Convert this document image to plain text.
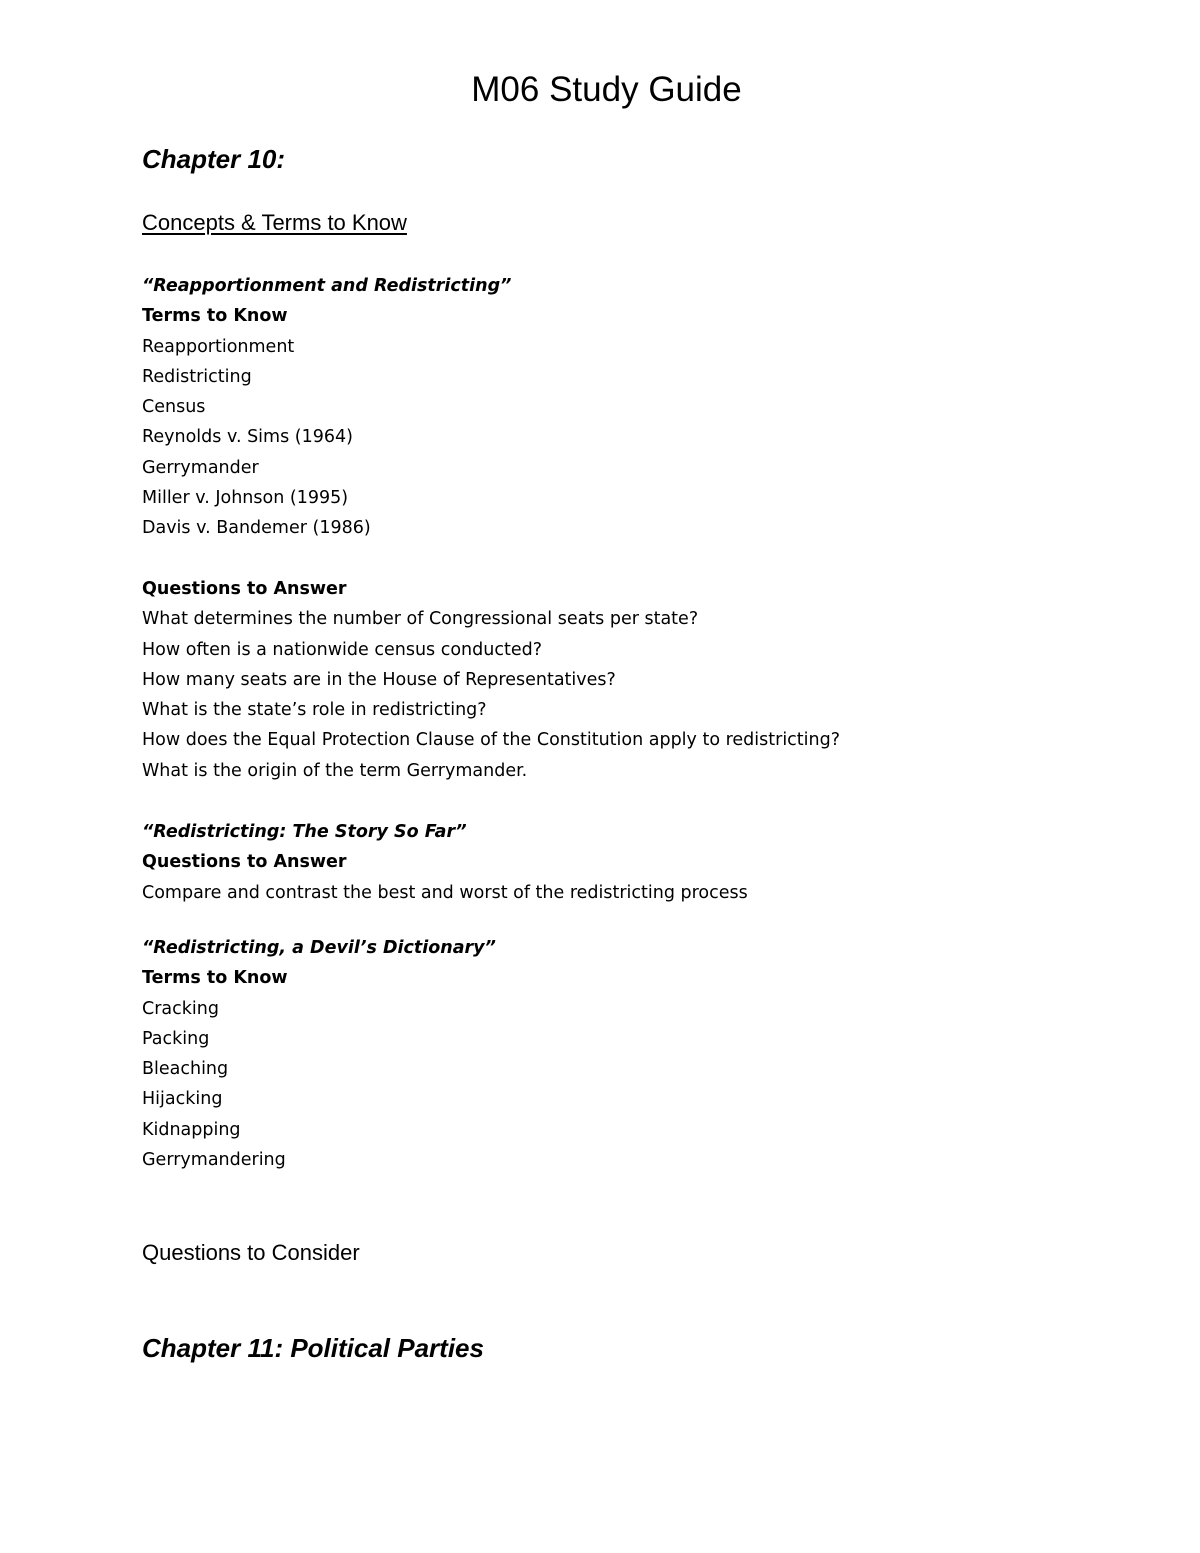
M06 Study Guide
Chapter 10:
Concepts & Terms to Know
“Reapportionment and Redistricting”
Terms to Know
Reapportionment
Redistricting
Census
Reynolds v. Sims (1964)
Gerrymander
Miller v. Johnson (1995)
Davis v. Bandemer (1986)
Questions to Answer
What determines the number of Congressional seats per state?
How often is a nationwide census conducted?
How many seats are in the House of Representatives?
What is the state’s role in redistricting?
How does the Equal Protection Clause of the Constitution apply to redistricting?
What is the origin of the term Gerrymander.
“Redistricting: The Story So Far”
Questions to Answer
Compare and contrast the best and worst of the redistricting process
“Redistricting, a Devil’s Dictionary”
Terms to Know
Cracking
Packing
Bleaching
Hijacking
Kidnapping
Gerrymandering
Questions to Consider
Chapter 11: Political Parties
